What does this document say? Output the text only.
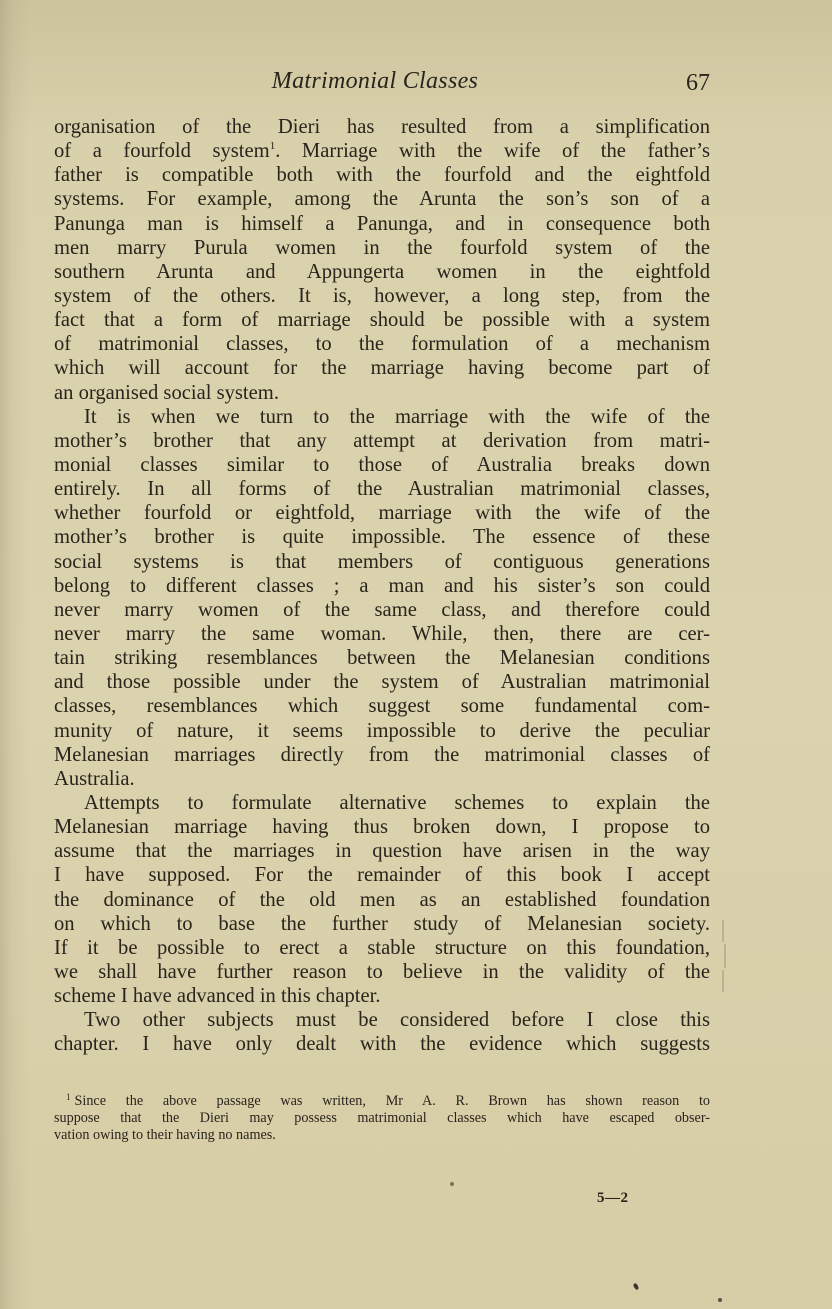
Matrimonial Classes	67

organisation of the Dieri has resulted from a simplification
of a fourfold system$^1$. Marriage with the wife of the father’s
father is compatible both with the fourfold and the eightfold
systems. For example, among the Arunta the son’s son of a
Panunga man is himself a Panunga, and in consequence both
men marry Purula women in the fourfold system of the
southern Arunta and Appungerta women in the eightfold
system of the others. It is, however, a long step, from the
fact that a form of marriage should be possible with a system
of matrimonial classes, to the formulation of a mechanism
which will account for the marriage having become part of
an organised social system.

It is when we turn to the marriage with the wife of the
mother’s brother that any attempt at derivation from matri-
monial classes similar to those of Australia breaks down
entirely. In all forms of the Australian matrimonial classes,
whether fourfold or eightfold, marriage with the wife of the
mother’s brother is quite impossible. The essence of these
social systems is that members of contiguous generations
belong to different classes ; a man and his sister’s son could
never marry women of the same class, and therefore could
never marry the same woman. While, then, there are cer-
tain striking resemblances between the Melanesian conditions
and those possible under the system of Australian matrimonial
classes, resemblances which suggest some fundamental com-
munity of nature, it seems impossible to derive the peculiar
Melanesian marriages directly from the matrimonial classes of
Australia.

Attempts to formulate alternative schemes to explain the
Melanesian marriage having thus broken down, I propose to
assume that the marriages in question have arisen in the way
I have supposed. For the remainder of this book I accept
the dominance of the old men as an established foundation
on which to base the further study of Melanesian society.
If it be possible to erect a stable structure on this foundation,
we shall have further reason to believe in the validity of the
scheme I have advanced in this chapter.

Two other subjects must be considered before I close this
chapter. I have only dealt with the evidence which suggests

$^1$ Since the above passage was written, Mr A. R. Brown has shown reason to
suppose that the Dieri may possess matrimonial classes which have escaped obser-
vation owing to their having no names.
5—2
